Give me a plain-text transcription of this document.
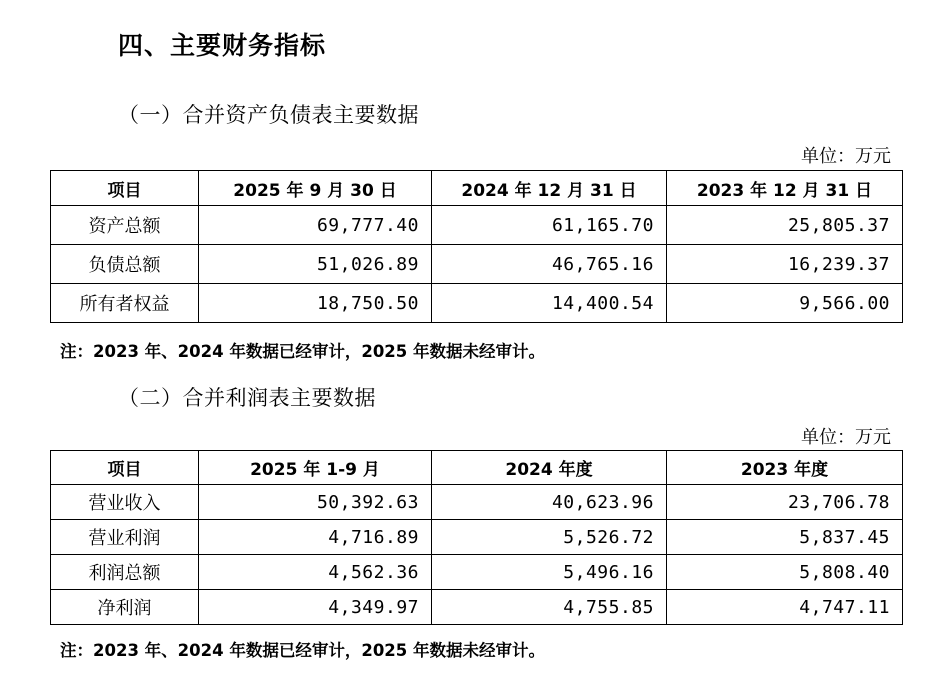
四、主要财务指标
（一）合并资产负债表主要数据
单位：万元
项目	2025 年 9 月 30 日	2024 年 12 月 31 日	2023 年 12 月 31 日
资产总额	69,777.40	61,165.70	25,805.37
负债总额	51,026.89	46,765.16	16,239.37
所有者权益	18,750.50	14,400.54	9,566.00
注：2023 年、2024 年数据已经审计，2025 年数据未经审计。
（二）合并利润表主要数据
单位：万元
项目	2025 年 1-9 月	2024 年度	2023 年度
营业收入	50,392.63	40,623.96	23,706.78
营业利润	4,716.89	5,526.72	5,837.45
利润总额	4,562.36	5,496.16	5,808.40
净利润	4,349.97	4,755.85	4,747.11
注：2023 年、2024 年数据已经审计，2025 年数据未经审计。
